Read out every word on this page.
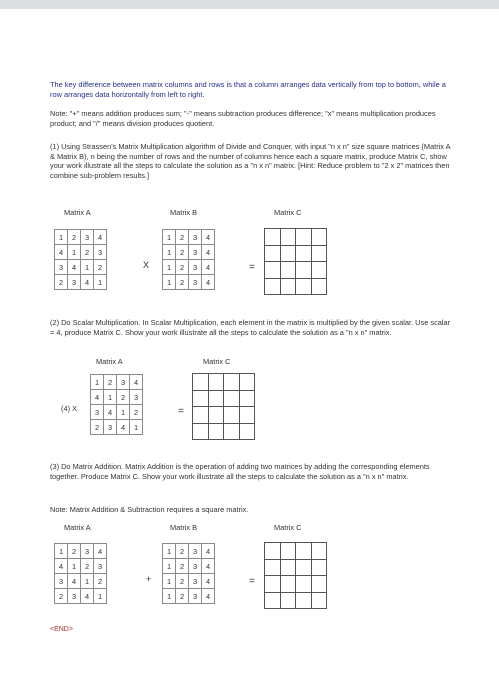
The key difference between matrix columns and rows is that a column arranges data vertically from top to bottom, while a row arranges data horizontally from left to right.

Note: "+" means addition produces sum; "-" means subtraction produces difference; "x" means multiplication produces product; and "/" means division produces quotient.

(1) Using Strassen's Matrix Multiplication algorithm of Divide and Conquer, with input "n x n" size square matrices (Matrix A & Matrix B), n being the number of rows and the number of columns hence each a square matrix, produce Matrix C, show your work illustrate all the steps to calculate the solution as a "n x n" matrix. [Hint: Reduce problem to "2 x 2" matrices then combine sub-problem results.]

Matrix A	Matrix B	Matrix C
1	2	3	4
4	1	2	3
3	4	1	2
2	3	4	1
X
1	2	3	4
1	2	3	4
1	2	3	4
1	2	3	4
=

(2) Do Scalar Multiplication. In Scalar Multiplication, each element in the matrix is multiplied by the given scalar. Use scalar = 4, produce Matrix C. Show your work illustrate all the steps to calculate the solution as a "n x n" matrix.

Matrix A	Matrix C
(4) X
1	2	3	4
4	1	2	3
3	4	1	2
2	3	4	1
=

(3) Do Matrix Addition. Matrix Addition is the operation of adding two matrices by adding the corresponding elements together. Produce Matrix C. Show your work illustrate all the steps to calculate the solution as a "n x n" matrix.

Note: Matrix Addition & Subtraction requires a square matrix.

Matrix A	Matrix B	Matrix C
1	2	3	4
4	1	2	3
3	4	1	2
2	3	4	1
+
1	2	3	4
1	2	3	4
1	2	3	4
1	2	3	4
=

<END>
